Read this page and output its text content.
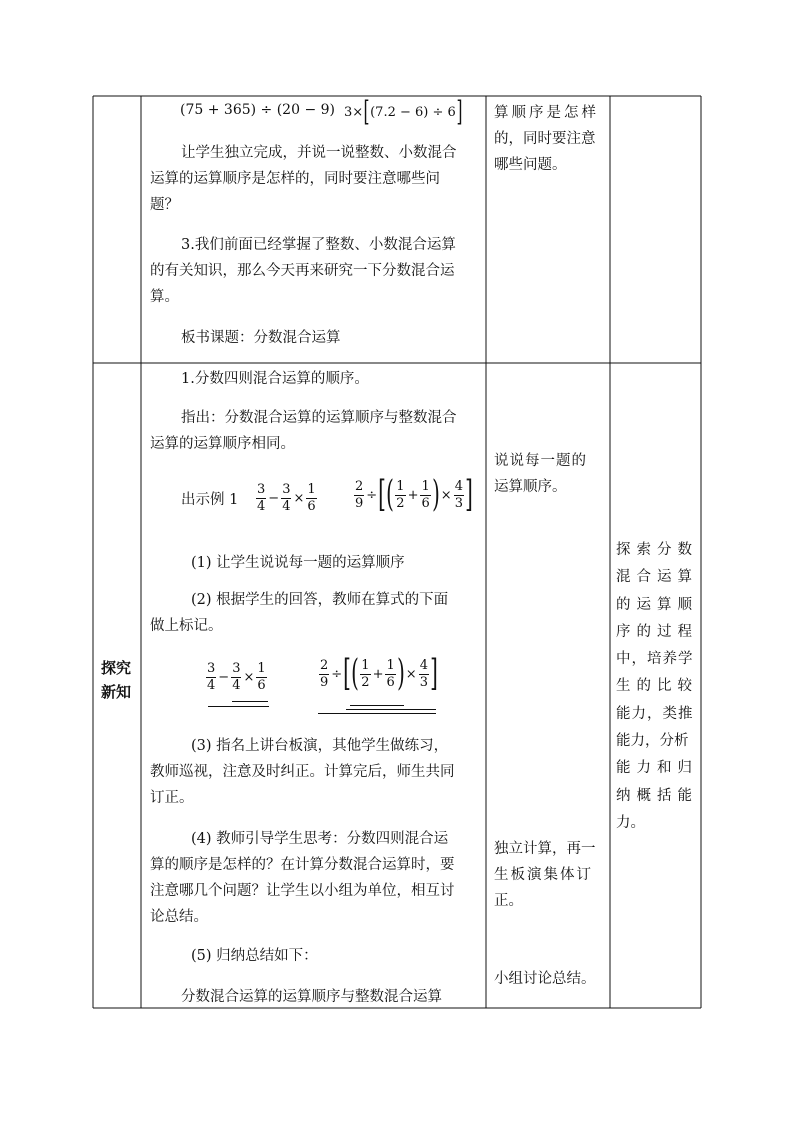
(75 + 365) ÷ (20 − 9) 3×[(7.2 − 6) ÷ 6]
让学生独立完成，并说一说整数、小数混合
运算的运算顺序是怎样的，同时要注意哪些问
题？
3.我们前面已经掌握了整数、小数混合运算
的有关知识，那么今天再来研究一下分数混合运
算。
板书课题：分数混合运算
算顺序是怎样
的，同时要注意
哪些问题。
探究
新知
1.分数四则混合运算的顺序。
指出：分数混合运算的运算顺序与整数混合
运算的运算顺序相同。
出示例 $1 \frac{3}{4} - \frac{3}{4} \times \frac{1}{6}$	$\frac{2}{9}$ ÷[( $\frac{1}{2} + \frac{1}{6}$ )× $\frac{4}{3}$ ]
(1) 让学生说说每一题的运算顺序
(2) 根据学生的回答，教师在算式的下面
做上标记。
$\frac{3}{4} - \frac{3}{4} \times \frac{1}{6}$	$\frac{2}{9}$ ÷[( $\frac{1}{2} + \frac{1}{6}$ )× $\frac{4}{3}$ ]
(3) 指名上讲台板演，其他学生做练习，
教师巡视，注意及时纠正。计算完后，师生共同
订正。
(4) 教师引导学生思考：分数四则混合运
算的顺序是怎样的？在计算分数混合运算时，要
注意哪几个问题？让学生以小组为单位，相互讨
论总结。
(5) 归纳总结如下：
分数混合运算的运算顺序与整数混合运算
说说每一题的
运算顺序。
独立计算，再一
生板演集体订
正。
小组讨论总结。
探索分数
混合运算
的运算顺
序的过程
中，培养学
生的比较
能力，类推
能力，分析
能力和归
纳概括能
力。
